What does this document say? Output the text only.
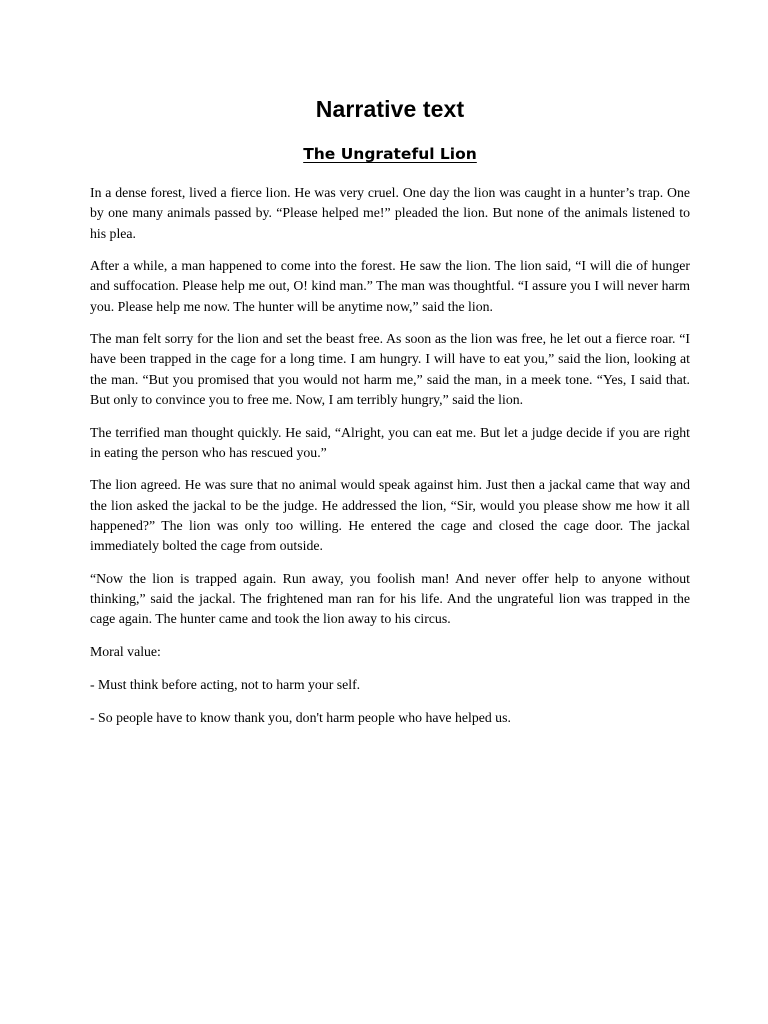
Narrative text
The Ungrateful Lion

In a dense forest, lived a fierce lion. He was very cruel. One day the lion was caught in a hunter’s trap. One by one many animals passed by. “Please helped me!” pleaded the lion. But none of the animals listened to his plea.

After a while, a man happened to come into the forest. He saw the lion. The lion said, “I will die of hunger and suffocation. Please help me out, O! kind man.” The man was thoughtful. “I assure you I will never harm you. Please help me now. The hunter will be anytime now,” said the lion.

The man felt sorry for the lion and set the beast free. As soon as the lion was free, he let out a fierce roar. “I have been trapped in the cage for a long time. I am hungry. I will have to eat you,” said the lion, looking at the man. “But you promised that you would not harm me,” said the man, in a meek tone. “Yes, I said that. But only to convince you to free me. Now, I am terribly hungry,” said the lion.

The terrified man thought quickly. He said, “Alright, you can eat me. But let a judge decide if you are right in eating the person who has rescued you.”

The lion agreed. He was sure that no animal would speak against him. Just then a jackal came that way and the lion asked the jackal to be the judge. He addressed the lion, “Sir, would you please show me how it all happened?” The lion was only too willing. He entered the cage and closed the cage door. The jackal immediately bolted the cage from outside.

“Now the lion is trapped again. Run away, you foolish man! And never offer help to anyone without thinking,” said the jackal. The frightened man ran for his life. And the ungrateful lion was trapped in the cage again. The hunter came and took the lion away to his circus.

Moral value:

- Must think before acting, not to harm your self.

- So people have to know thank you, don't harm people who have helped us.
